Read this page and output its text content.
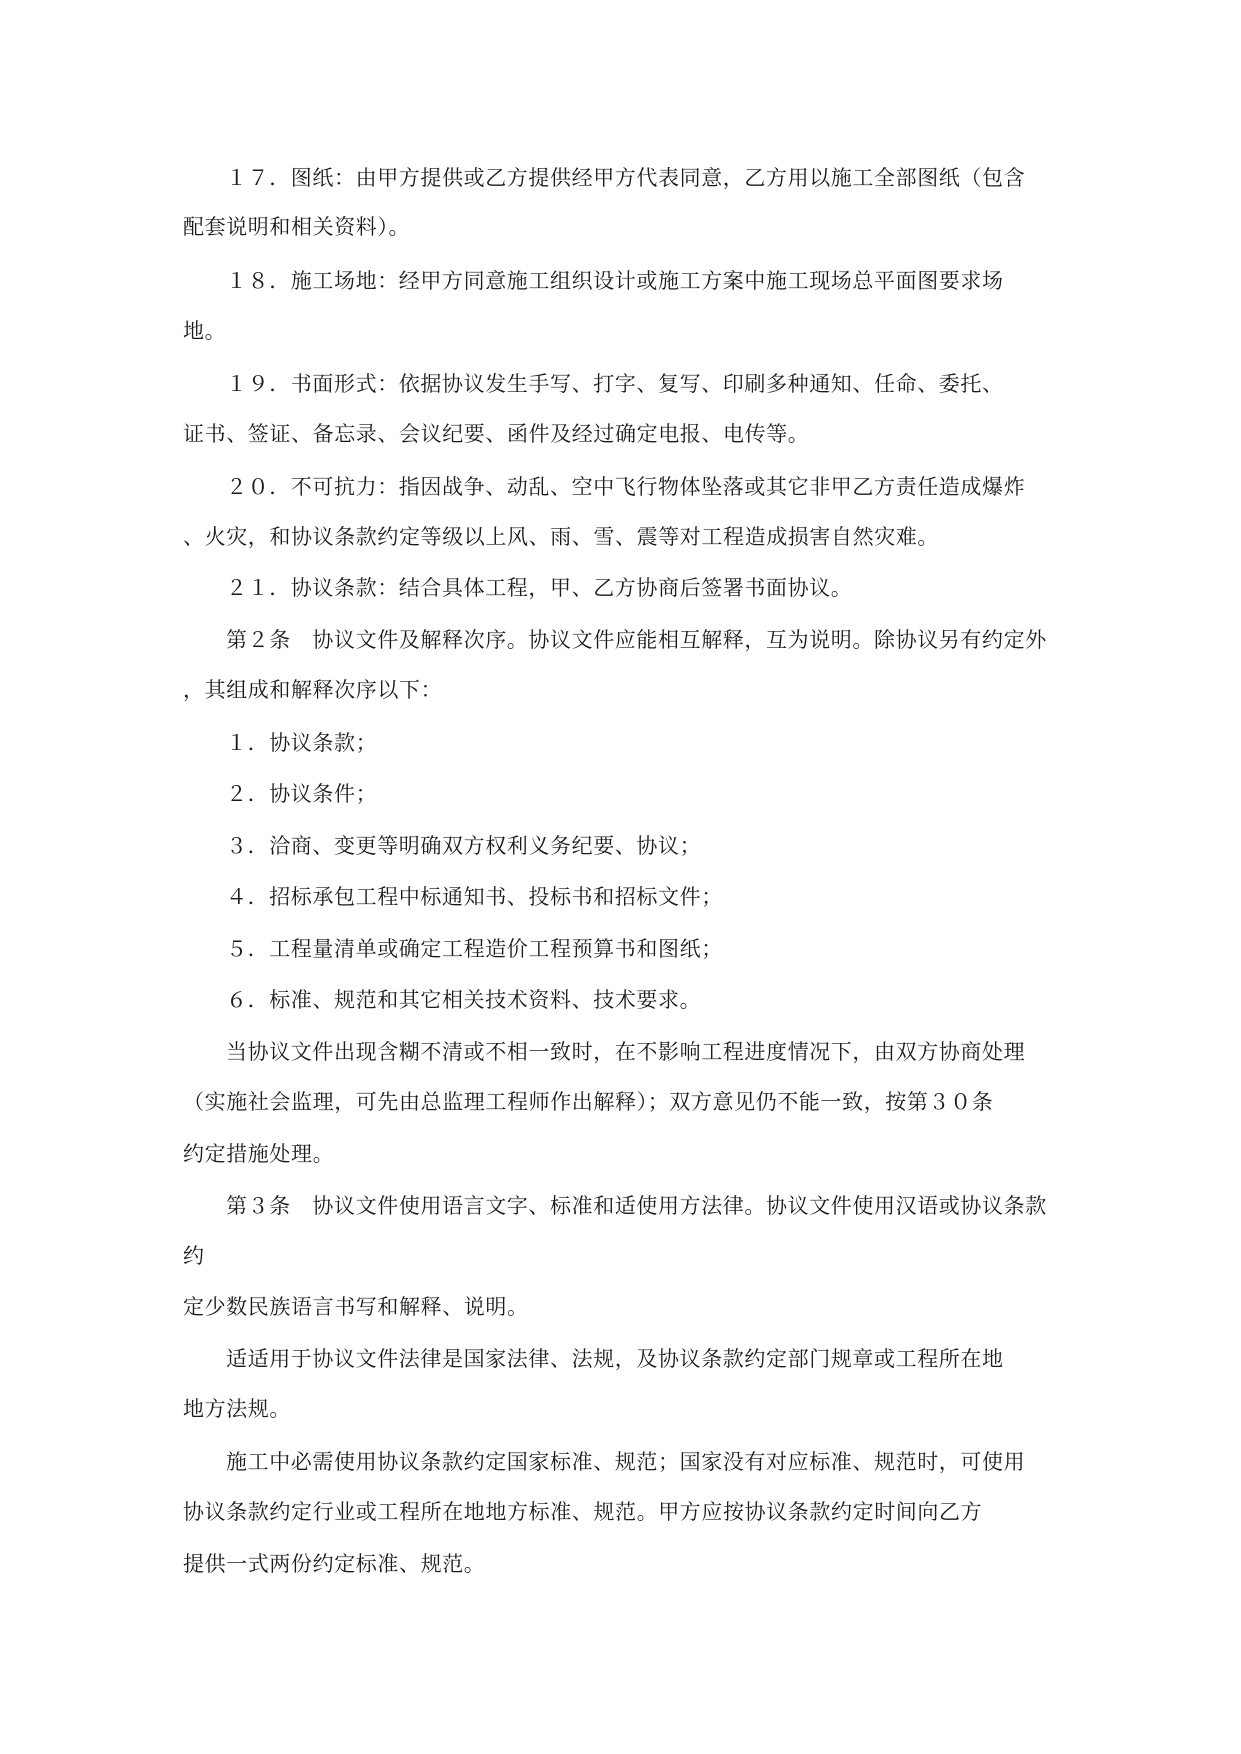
１７．图纸：由甲方提供或乙方提供经甲方代表同意，乙方用以施工全部图纸（包含
配套说明和相关资料）。
１８．施工场地：经甲方同意施工组织设计或施工方案中施工现场总平面图要求场
地。
１９．书面形式：依据协议发生手写、打字、复写、印刷多种通知、任命、委托、
证书、签证、备忘录、会议纪要、函件及经过确定电报、电传等。
２０．不可抗力：指因战争、动乱、空中飞行物体坠落或其它非甲乙方责任造成爆炸
、火灾，和协议条款约定等级以上风、雨、雪、震等对工程造成损害自然灾难。
２１．协议条款：结合具体工程，甲、乙方协商后签署书面协议。
第２条　协议文件及解释次序。协议文件应能相互解释，互为说明。除协议另有约定外
，其组成和解释次序以下：
１．协议条款；
２．协议条件；
３．洽商、变更等明确双方权利义务纪要、协议；
４．招标承包工程中标通知书、投标书和招标文件；
５．工程量清单或确定工程造价工程预算书和图纸；
６．标准、规范和其它相关技术资料、技术要求。
当协议文件出现含糊不清或不相一致时，在不影响工程进度情况下，由双方协商处理
（实施社会监理，可先由总监理工程师作出解释）；双方意见仍不能一致，按第３０条
约定措施处理。
第３条　协议文件使用语言文字、标准和适使用方法律。协议文件使用汉语或协议条款
约
定少数民族语言书写和解释、说明。
适适用于协议文件法律是国家法律、法规，及协议条款约定部门规章或工程所在地
地方法规。
施工中必需使用协议条款约定国家标准、规范；国家没有对应标准、规范时，可使用
协议条款约定行业或工程所在地地方标准、规范。甲方应按协议条款约定时间向乙方
提供一式两份约定标准、规范。
